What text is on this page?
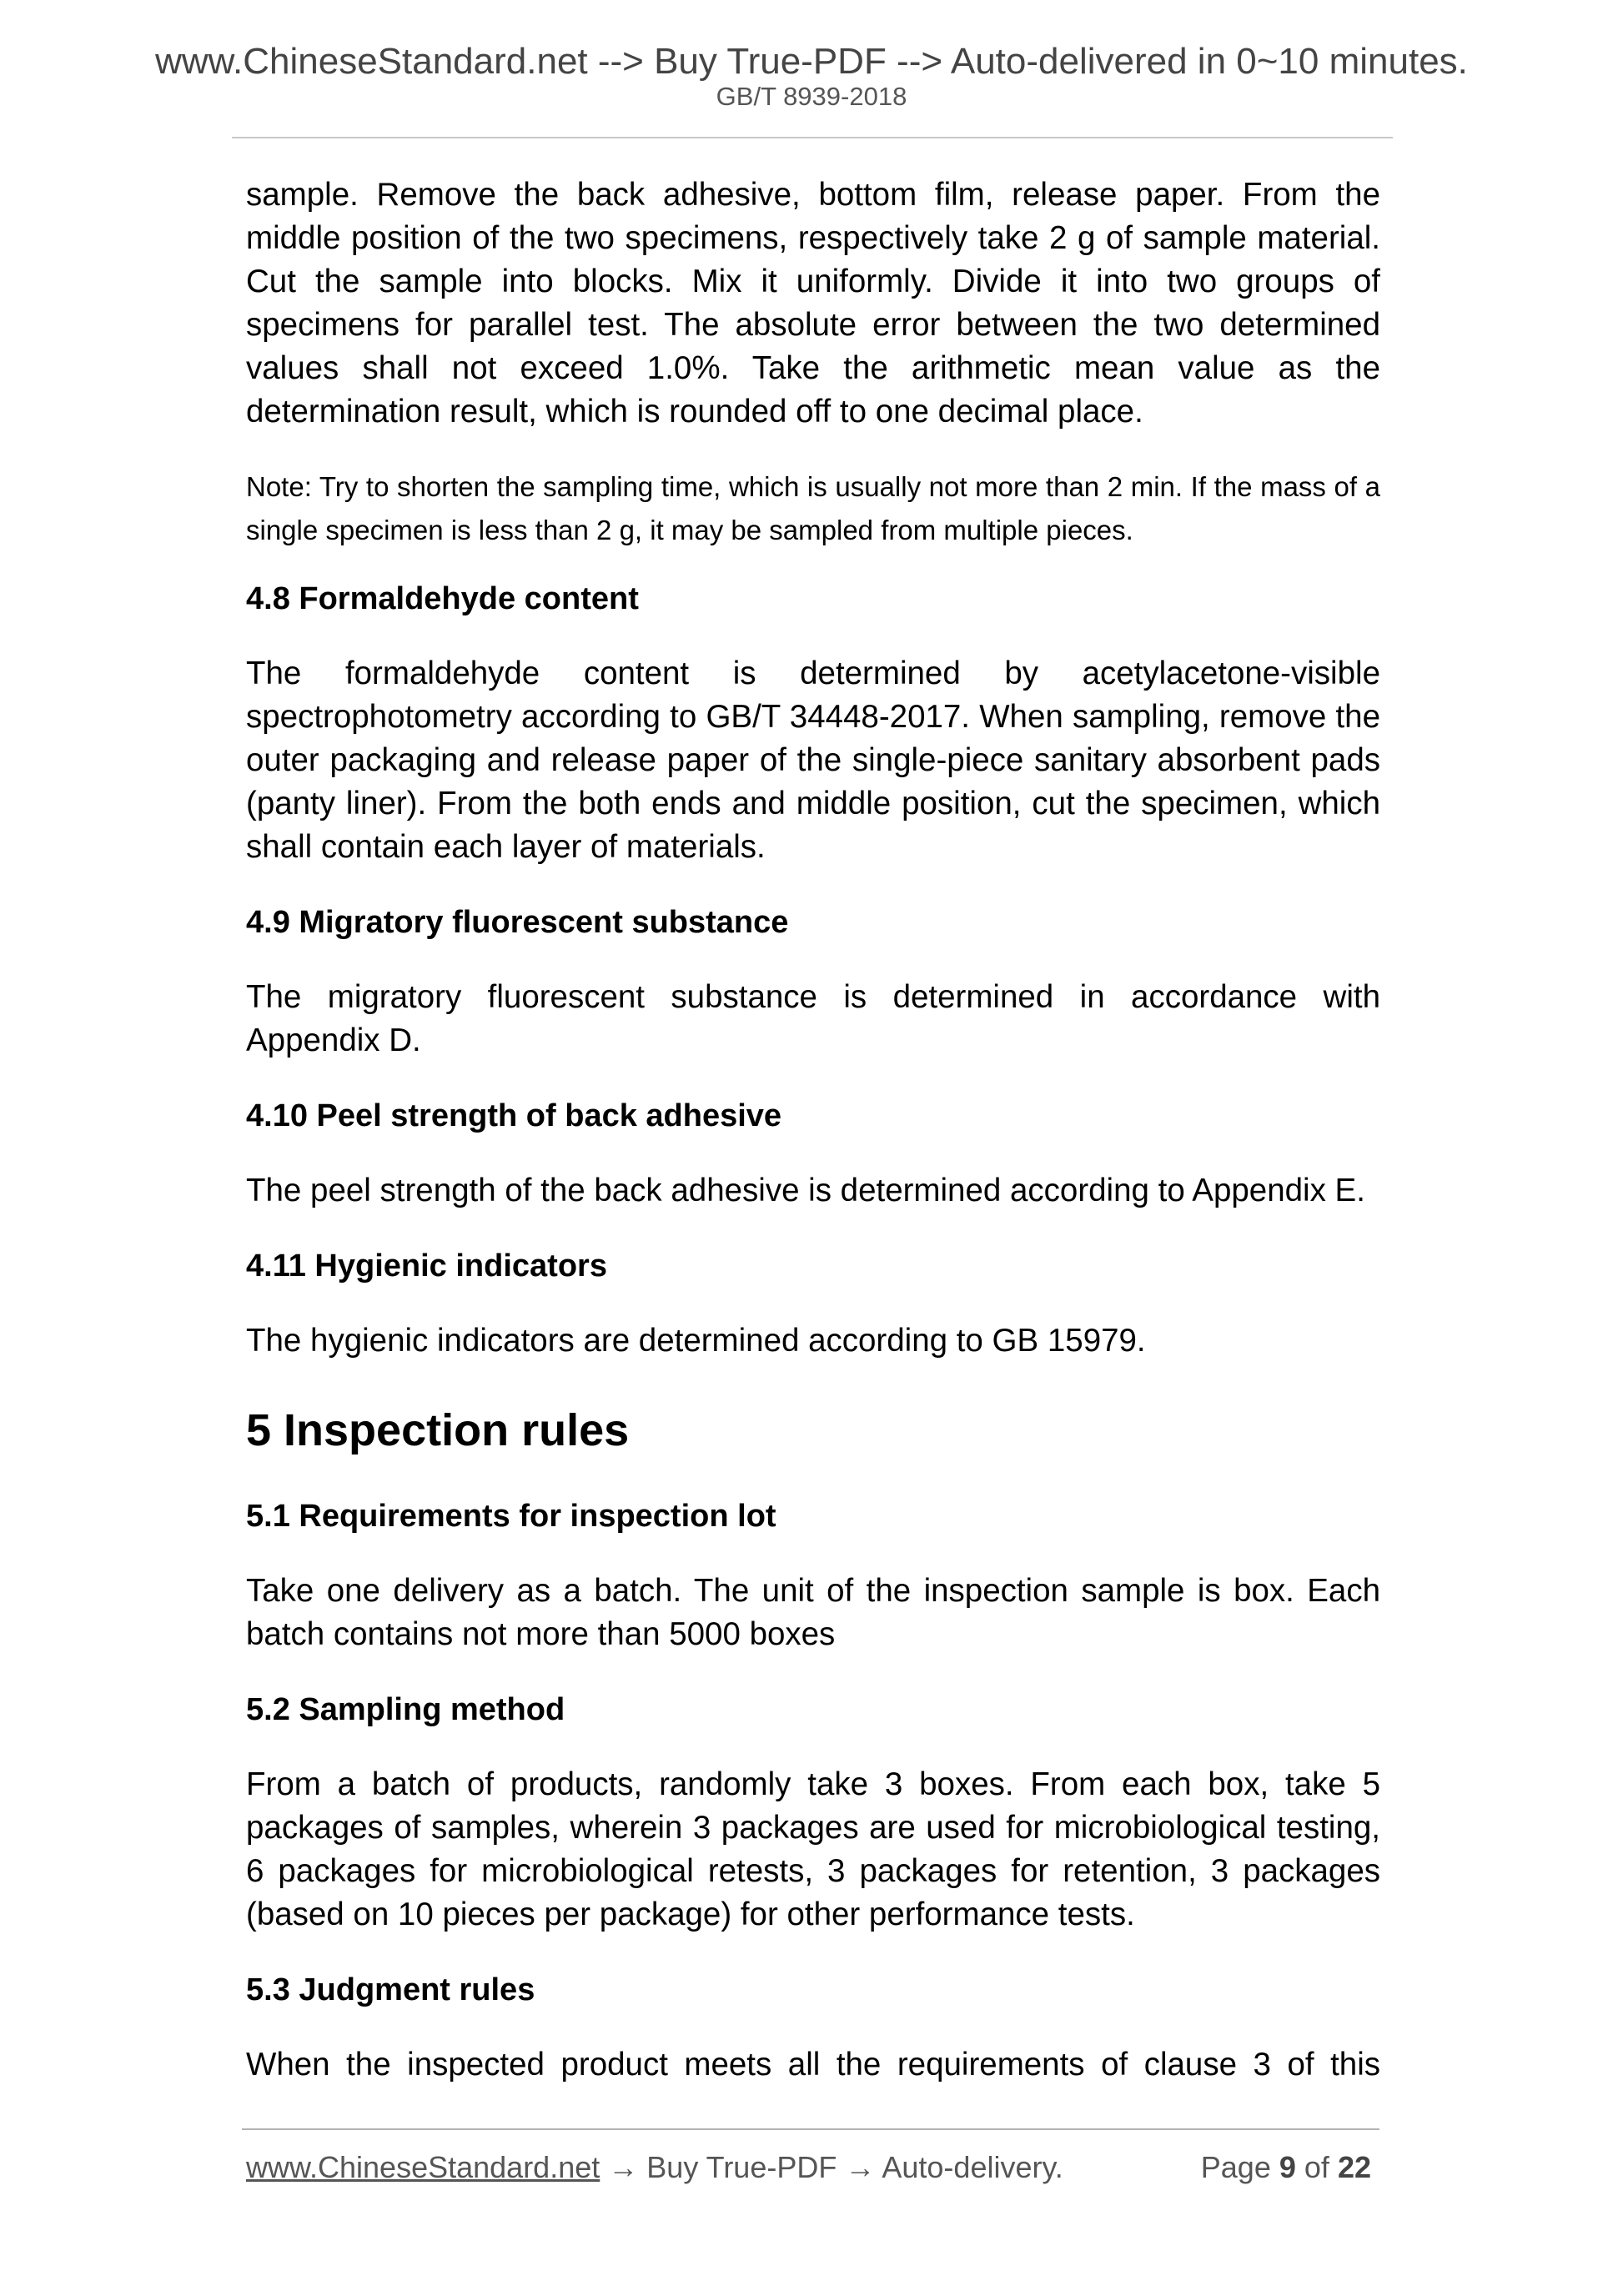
www.ChineseStandard.net --> Buy True-PDF --> Auto-delivered in 0~10 minutes.
GB/T 8939-2018

sample. Remove the back adhesive, bottom film, release paper. From the middle position of the two specimens, respectively take 2 g of sample material. Cut the sample into blocks. Mix it uniformly. Divide it into two groups of specimens for parallel test. The absolute error between the two determined values shall not exceed 1.0%. Take the arithmetic mean value as the determination result, which is rounded off to one decimal place.

Note: Try to shorten the sampling time, which is usually not more than 2 min. If the mass of a single specimen is less than 2 g, it may be sampled from multiple pieces.

4.8 Formaldehyde content

The formaldehyde content is determined by acetylacetone-visible spectrophotometry according to GB/T 34448-2017. When sampling, remove the outer packaging and release paper of the single-piece sanitary absorbent pads (panty liner). From the both ends and middle position, cut the specimen, which shall contain each layer of materials.

4.9 Migratory fluorescent substance

The migratory fluorescent substance is determined in accordance with Appendix D.

4.10 Peel strength of back adhesive

The peel strength of the back adhesive is determined according to Appendix E.

4.11 Hygienic indicators

The hygienic indicators are determined according to GB 15979.

5 Inspection rules
5.1 Requirements for inspection lot

Take one delivery as a batch. The unit of the inspection sample is box. Each batch contains not more than 5000 boxes

5.2 Sampling method

From a batch of products, randomly take 3 boxes. From each box, take 5 packages of samples, wherein 3 packages are used for microbiological testing, 6 packages for microbiological retests, 3 packages for retention, 3 packages (based on 10 pieces per package) for other performance tests.

5.3 Judgment rules

When the inspected product meets all the requirements of clause 3 of this

www.ChineseStandard.net → Buy True-PDF → Auto-delivery.	Page 9 of 22
